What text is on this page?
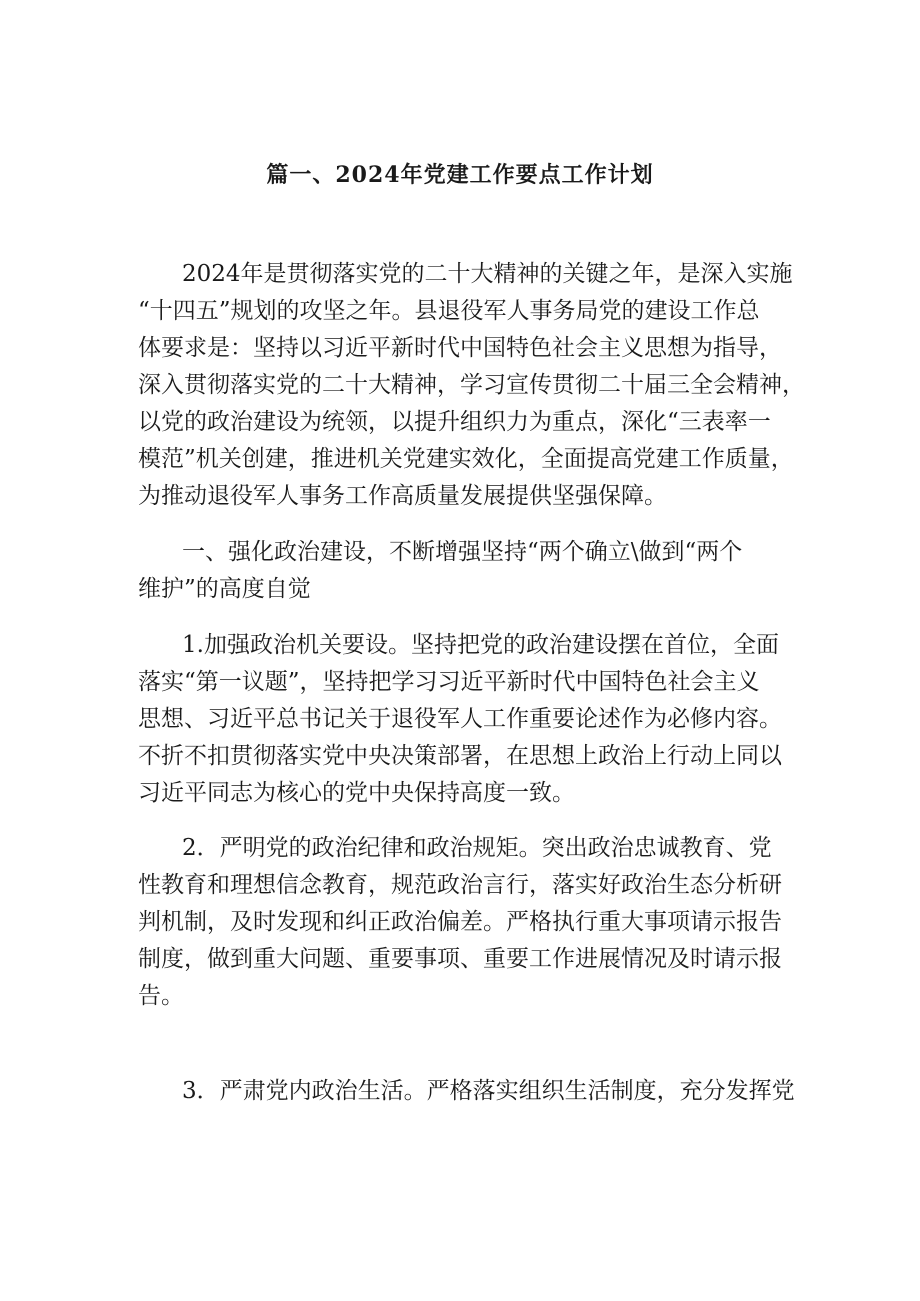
篇一、2024年党建工作要点工作计划
2024年是贯彻落实党的二十大精神的关键之年，是深入实施
“十四五”规划的攻坚之年。县退役军人事务局党的建设工作总
体要求是：坚持以习近平新时代中国特色社会主义思想为指导，
深入贯彻落实党的二十大精神，学习宣传贯彻二十届三全会精神，
以党的政治建设为统领，以提升组织力为重点，深化“三表率一
模范”机关创建，推进机关党建实效化，全面提高党建工作质量，
为推动退役军人事务工作高质量发展提供坚强保障。
一、强化政治建设，不断增强坚持“两个确立\做到“两个
维护”的高度自觉
1.加强政治机关要设。坚持把党的政治建设摆在首位，全面
落实“第一议题”，坚持把学习习近平新时代中国特色社会主义
思想、习近平总书记关于退役军人工作重要论述作为必修内容。
不折不扣贯彻落实党中央决策部署，在思想上政治上行动上同以
习近平同志为核心的党中央保持高度一致。
2．严明党的政治纪律和政治规矩。突出政治忠诚教育、党
性教育和理想信念教育，规范政治言行，落实好政治生态分析研
判机制，及时发现和纠正政治偏差。严格执行重大事项请示报告
制度，做到重大问题、重要事项、重要工作进展情况及时请示报
告。
3．严肃党内政治生活。严格落实组织生活制度，充分发挥党
